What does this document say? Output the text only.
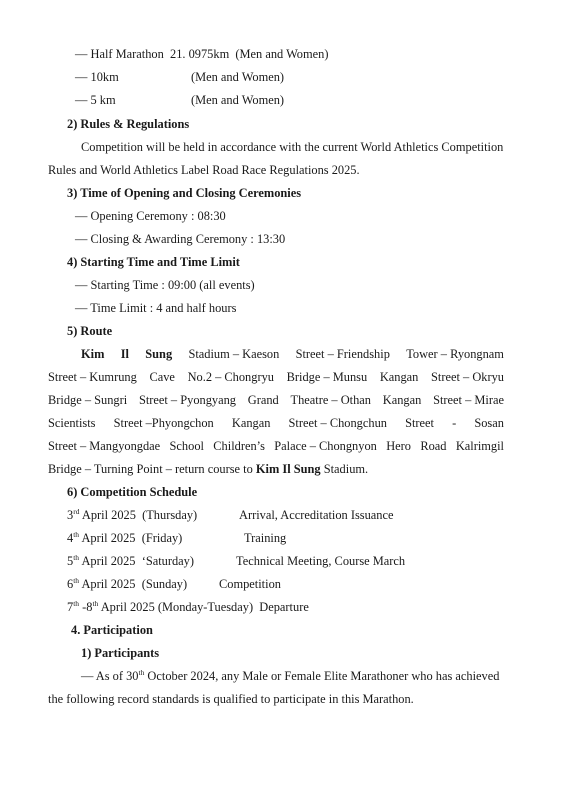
— Half Marathon 21. 0975km (Men and Women)
— 10km	(Men and Women)
— 5 km	(Men and Women)
2) Rules & Regulations
Competition will be held in accordance with the current World Athletics Competition
Rules and World Athletics Label Road Race Regulations 2025.
3) Time of Opening and Closing Ceremonies
— Opening Ceremony : 08:30
— Closing & Awarding Ceremony : 13:30
4) Starting Time and Time Limit
— Starting Time : 09:00 (all events)
— Time Limit : 4 and half hours
5) Route
Kim Il Sung Stadium – Kaeson Street – Friendship Tower – Ryongnam
Street – Kumrung Cave No.2 – Chongryu Bridge – Munsu Kangan Street – Okryu
Bridge – Sungri Street – Pyongyang Grand Theatre – Othan Kangan Street – Mirae
Scientists Street –Phyongchon Kangan Street – Chongchun Street - Sosan
Street – Mangyongdae School Children’s Palace – Chongnyon Hero Road Kalrimgil
Bridge – Turning Point – return course to Kim Il Sung Stadium.
6) Competition Schedule
3rd April 2025 (Thursday)	Arrival, Accreditation Issuance
4th April 2025 (Friday)	Training
5th April 2025 ‘Saturday)	Technical Meeting, Course March
6th April 2025 (Sunday)	Competition
7th -8th April 2025 (Monday-Tuesday) Departure
4. Participation
1) Participants
— As of 30th October 2024, any Male or Female Elite Marathoner who has achieved
the following record standards is qualified to participate in this Marathon.
